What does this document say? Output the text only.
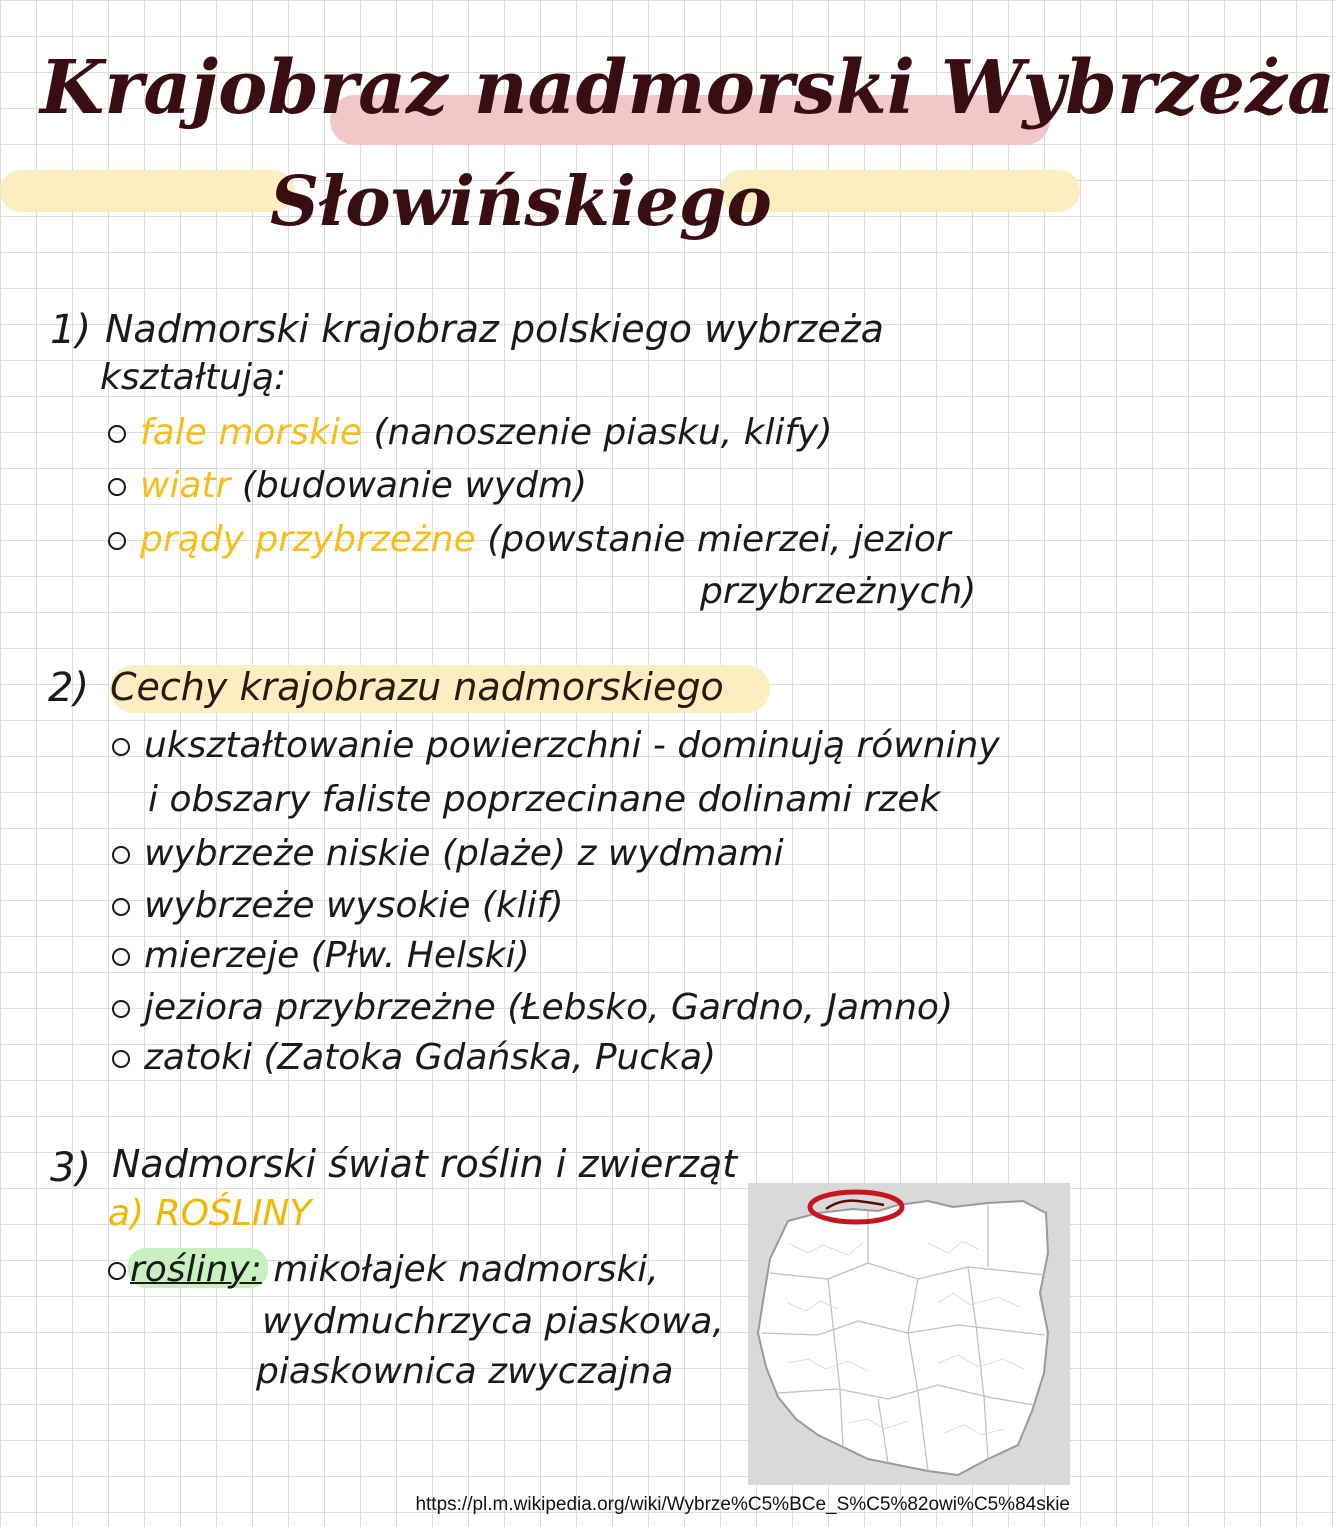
Krajobraz nadmorski Wybrzeża
Słowińskiego
1) Nadmorski krajobraz polskiego wybrzeża
kształtują:
fale morskie (nanoszenie piasku, klify)
wiatr (budowanie wydm)
prądy przybrzeżne (powstanie mierzei, jezior
przybrzeżnych)
2) Cechy krajobrazu nadmorskiego
ukształtowanie powierzchni - dominują równiny
i obszary faliste poprzecinane dolinami rzek
wybrzeże niskie (plaże) z wydmami
wybrzeże wysokie (klif)
mierzeje (Płw. Helski)
jeziora przybrzeżne (Łebsko, Gardno, Jamno)
zatoki (Zatoka Gdańska, Pucka)
3) Nadmorski świat roślin i zwierząt
a) ROŚLINY
rośliny: mikołajek nadmorski,
wydmuchrzyca piaskowa,
piaskownica zwyczajna
https://pl.m.wikipedia.org/wiki/Wybrze%C5%BCe_S%C5%82owi%C5%84skie
